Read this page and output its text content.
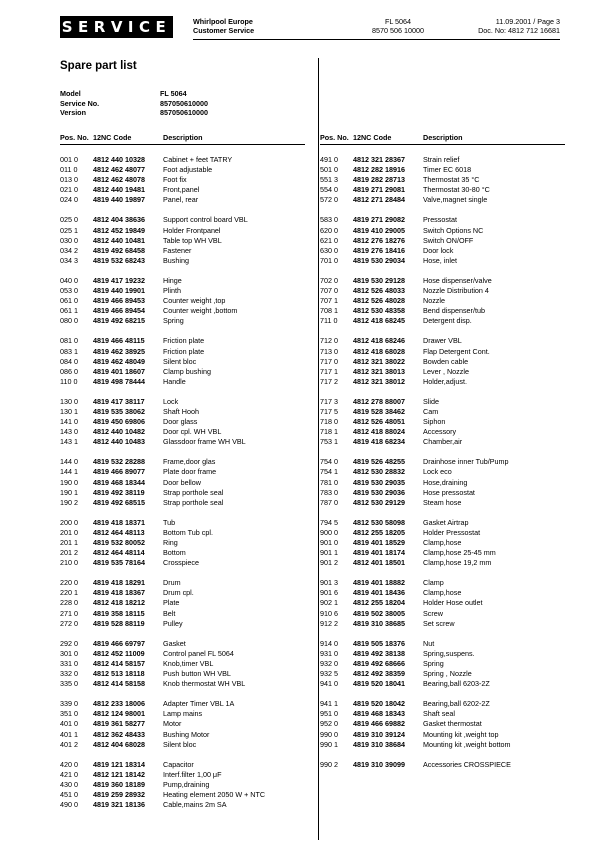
SERVICE	Whirlpool Europe
Customer Service
FL 5064
8570 506 10000
11.09.2001 / Page 3
Doc. No: 4812 712 16681
Spare part list
Model	FL 5064
Service No.	857050610000
Version	857050610000
Pos. No. 12NC Code	Description
001 0	4812 440 10328	Cabinet + feet TATRY
011 0	4812 462 48077	Foot adjustable
013 0	4812 462 48078	Foot fix
021 0	4812 440 19481	Front,panel
024 0	4819 440 19897	Panel, rear
025 0	4812 404 38636	Support control board VBL
025 1	4812 452 19849	Holder Frontpanel
030 0	4812 440 10481	Table top WH VBL
034 2	4819 492 68458	Fastener
034 3	4819 532 68243	Bushing
040 0	4819 417 19232	Hinge
053 0	4819 440 19901	Plinth
061 0	4819 466 89453	Counter weight ,top
061 1	4819 466 89454	Counter weight ,bottom
080 0	4819 492 68215	Spring
081 0	4819 466 48115	Friction plate
083 1	4819 462 38925	Friction plate
084 0	4819 462 48049	Silent bloc
086 0	4819 401 18607	Clamp bushing
110 0	4819 498 78444	Handle
130 0	4819 417 38117	Lock
130 1	4819 535 38062	Shaft Hooh
141 0	4819 450 69806	Door glass
143 0	4812 440 10482	Door cpl. WH VBL
143 1	4812 440 10483	Glassdoor frame WH VBL
144 0	4819 532 28288	Frame,door glas
144 1	4819 466 89077	Plate door frame
190 0	4819 468 18344	Door bellow
190 1	4819 492 38119	Strap porthole seal
190 2	4819 492 68515	Strap porthole seal
200 0	4819 418 18371	Tub
201 0	4812 464 48113	Bottom Tub cpl.
201 1	4819 532 80052	Ring
201 2	4812 464 48114	Bottom
210 0	4819 535 78164	Crosspiece
220 0	4819 418 18291	Drum
220 1	4819 418 18367	Drum cpl.
228 0	4812 418 18212	Plate
271 0	4819 358 18115	Belt
272 0	4819 528 88119	Pulley
292 0	4819 466 69797	Gasket
301 0	4812 452 11009	Control panel FL 5064
331 0	4812 414 58157	Knob,timer VBL
332 0	4812 513 18118	Push button WH VBL
335 0	4812 414 58158	Knob thermostat WH VBL
339 0	4812 233 18006	Adapter Timer VBL 1A
351 0	4812 124 98001	Lamp mains
401 0	4819 361 58277	Motor
401 1	4812 362 48433	Bushing Motor
401 2	4812 404 68028	Silent bloc
420 0	4819 121 18314	Capacitor
421 0	4812 121 18142	Interf.filter 1,00 μF
430 0	4819 360 18189	Pump,draining
451 0	4819 259 28932	Heating element 2050 W + NTC
490 0	4819 321 18136	Cable,mains 2m SA
Pos. No. 12NC Code	Description
491 0	4812 321 28367	Strain relief
501 0	4812 282 18916	Timer EC 6018
551 3	4819 282 28713	Thermostat 35 °C
554 0	4819 271 29081	Thermostat 30-80 °C
572 0	4812 271 28484	Valve,magnet single
583 0	4819 271 29082	Pressostat
620 0	4819 410 29005	Switch Options NC
621 0	4812 276 18276	Switch ON/OFF
630 0	4819 276 18416	Door lock
701 0	4819 530 29034	Hose, inlet
702 0	4819 530 29128	Hose dispenser/valve
707 0	4812 526 48033	Nozzle Distribution 4
707 1	4812 526 48028	Nozzle
708 1	4812 530 48358	Bend dispenser/tub
711 0	4812 418 68245	Detergent disp.
712 0	4812 418 68246	Drawer VBL
713 0	4812 418 68028	Flap Detergent Cont.
717 0	4812 321 38022	Bowden cable
717 1	4812 321 38013	Lever , Nozzle
717 2	4812 321 38012	Holder,adjust.
717 3	4812 278 88007	Slide
717 5	4819 528 38462	Cam
718 0	4812 526 48051	Siphon
718 1	4812 418 88024	Accessory
753 1	4819 418 68234	Chamber,air
754 0	4819 526 48255	Drainhose inner Tub/Pump
754 1	4812 530 28832	Lock eco
781 0	4819 530 29035	Hose,draining
783 0	4819 530 29036	Hose pressostat
787 0	4812 530 29129	Steam hose
794 5	4812 530 58098	Gasket Airtrap
900 0	4812 255 18205	Holder Pressostat
901 0	4819 401 18529	Clamp,hose
901 1	4819 401 18174	Clamp,hose 25-45 mm
901 2	4812 401 18501	Clamp,hose 19,2 mm
901 3	4819 401 18882	Clamp
901 6	4819 401 18436	Clamp,hose
902 1	4812 255 18204	Holder Hose outlet
910 6	4819 502 38005	Screw
912 2	4819 310 38685	Set screw
914 0	4819 505 18376	Nut
931 0	4819 492 38138	Spring,suspens.
932 0	4819 492 68666	Spring
932 5	4812 492 38359	Spring , Nozzle
941 0	4819 520 18041	Bearing,ball 6203-2Z
941 1	4819 520 18042	Bearing,ball 6202-2Z
951 0	4819 468 18343	Shaft seal
952 0	4819 466 69882	Gasket thermostat
990 0	4819 310 39124	Mounting kit ,weight top
990 1	4819 310 38684	Mounting kit ,weight bottom
990 2	4819 310 39099	Accessories CROSSPIECE
